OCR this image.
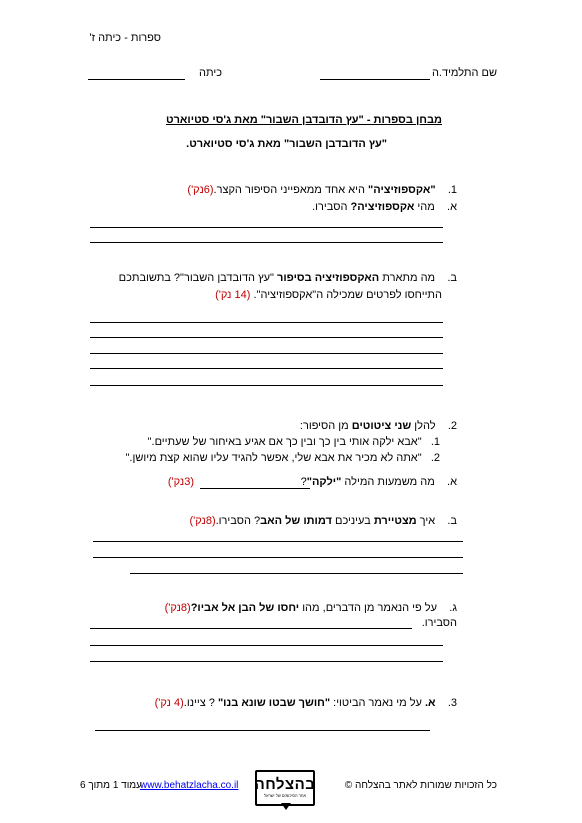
ספרות - כיתה ז'
שם התלמיד.ה
כיתה
מבחן בספרות - "עץ הדובדבן השבור" מאת ג'סי סטיוארט
"עץ הדובדבן השבור" מאת ג'סי סטיוארט.
1.    "אקספוזיציה" היא אחד ממאפייני הסיפור הקצר.(6נק')
א.    מהי אקספוזיציה? הסבירו.
ב.    מה מתארת האקספוזיציה בסיפור "עץ הדובדבן השבור"? בתשובתכם
התייחסו לפרטים שמכילה ה"אקספוזיציה". (14 נק')
2.    להלן שני ציטוטים מן הסיפור:
1.   "אבא ילקה אותי בין כך ובין כך אם אגיע באיחור של שעתיים."
2.   "אתה לא מכיר את אבא שלי, אפשר להגיד עליו שהוא קצת מיושן."
א.    מה משמעות המילה "ילקה"?
(3נק')
ב.    איך מצטיירת בעיניכם דמותו של האב? הסבירו.(8נק')
ג.    על פי הנאמר מן הדברים, מהו יחסו של הבן אל אביו?(8נק')
הסבירו.
3.    א. על מי נאמר הביטוי: "חושך שבטו שונא בנו" ? ציינו.(4 נק')
כל הזכויות שמורות לאתר בהצלחה ©
בהצלחה
אתר הסיכומים של ישראל
www.behatzlacha.co.il
עמוד 1 מתוך 6
